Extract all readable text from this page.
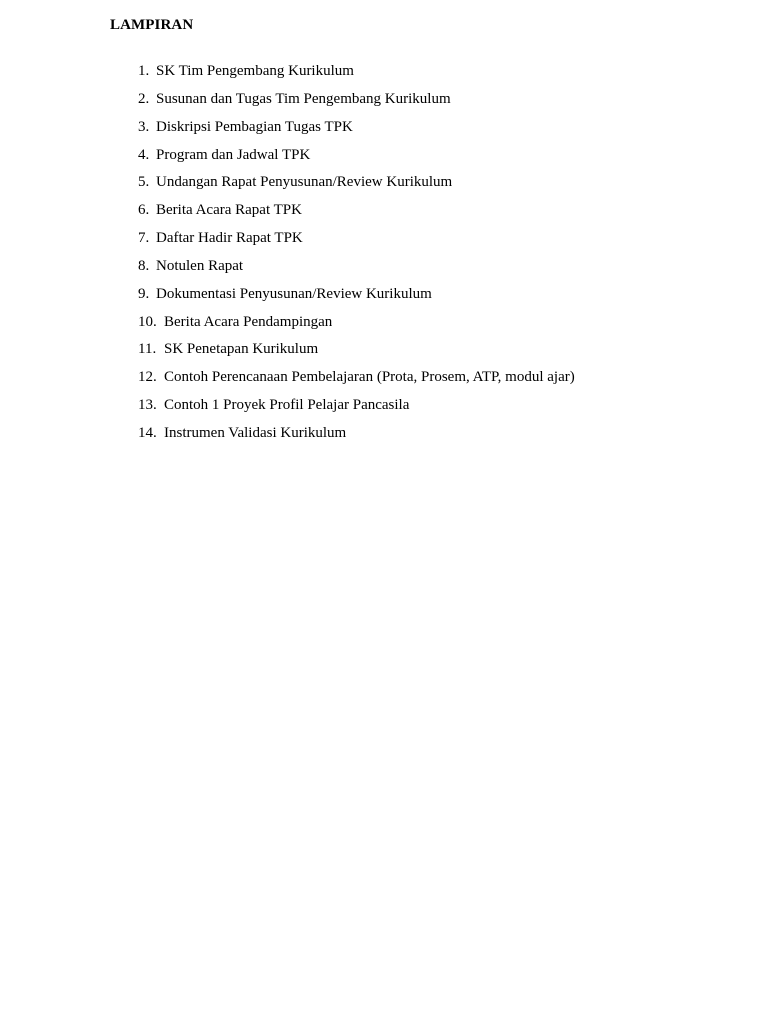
LAMPIRAN
1. SK Tim Pengembang Kurikulum
2. Susunan dan Tugas Tim Pengembang Kurikulum
3. Diskripsi Pembagian Tugas TPK
4. Program dan Jadwal TPK
5. Undangan Rapat Penyusunan/Review Kurikulum
6. Berita Acara Rapat TPK
7. Daftar Hadir Rapat TPK
8. Notulen Rapat
9. Dokumentasi Penyusunan/Review Kurikulum
10. Berita Acara Pendampingan
11. SK Penetapan Kurikulum
12. Contoh Perencanaan Pembelajaran (Prota, Prosem, ATP, modul ajar)
13. Contoh 1 Proyek Profil Pelajar Pancasila
14. Instrumen Validasi Kurikulum
